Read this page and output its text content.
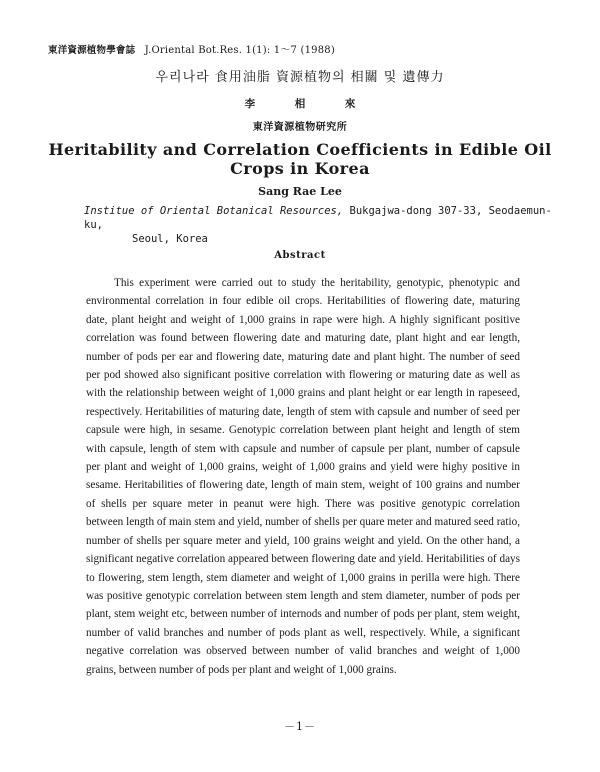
東洋資源植物學會誌 J.Oriental Bot.Res. 1(1): 1～7 (1988)
우리나라 食用油脂 資源植物의 相關 및 遺傳力
李 相 來
東洋資源植物研究所
Heritability and Correlation Coefficients in Edible Oil
Crops in Korea
Sang Rae Lee
Institue of Oriental Botanical Resources, Bukgajwa-dong 307-33, Seodaemun-ku,
Seoul, Korea
Abstract

This experiment were carried out to study the heritability, genotypic, phenotypic and environmental correlation in four edible oil crops. Heritabilities of flowering date, maturing date, plant height and weight of 1,000 grains in rape were high. A highly significant positive correlation was found between flowering date and maturing date, plant hight and ear length, number of pods per ear and flowering date, maturing date and plant hight. The number of seed per pod showed also significant positive correlation with flowering or maturing date as well as with the relationship between weight of 1,000 grains and plant height or ear length in rapeseed, respectively. Heritabilities of maturing date, length of stem with capsule and number of seed per capsule were high, in sesame. Genotypic correlation between plant height and length of stem with capsule, length of stem with capsule and number of capsule per plant, number of capsule per plant and weight of 1,000 grains, weight of 1,000 grains and yield were highy positive in sesame. Heritabilities of flowering date, length of main stem, weight of 100 grains and number of shells per square meter in peanut were high. There was positive genotypic correlation between length of main stem and yield, number of shells per quare meter and matured seed ratio, number of shells per square meter and yield, 100 grains weight and yield. On the other hand, a significant negative correlation appeared between flowering date and yield. Heritabilities of days to flowering, stem length, stem diameter and weight of 1,000 grains in perilla were high. There was positive genotypic correlation between stem length and stem diameter, number of pods per plant, stem weight etc, between number of internods and number of pods per plant, stem weight, number of valid branches and number of pods plant as well, respectively. While, a significant negative correlation was observed between number of valid branches and weight of 1,000 grains, between number of pods per plant and weight of 1,000 grains.

－1－
